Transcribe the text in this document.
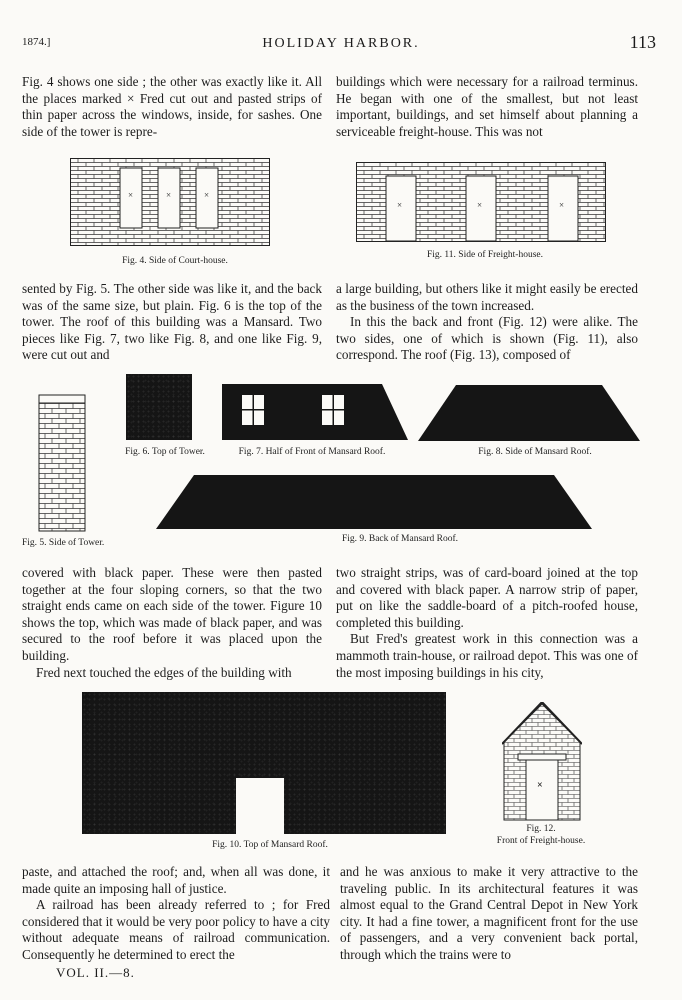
1874.]	HOLIDAY HARBOR.	113

Fig. 4 shows one side ; the other was exactly like it. All the places marked × Fred cut out and pasted strips of thin paper across the windows, inside, for sashes. One side of the tower is repre-

buildings which were necessary for a railroad terminus. He began with one of the smallest, but not least important, buildings, and set himself about planning a serviceable freight-house. This was not

×	×	×
Fig. 4. Side of Court-house.
×	×	×
Fig. 11. Side of Freight-house.

sented by Fig. 5. The other side was like it, and the back was of the same size, but plain. Fig. 6 is the top of the tower. The roof of this building was a Mansard. Two pieces like Fig. 7, two like Fig. 8, and one like Fig. 9, were cut out and

a large building, but others like it might easily be erected as the business of the town increased.

In this the back and front (Fig. 12) were alike. The two sides, one of which is shown (Fig. 11), also correspond. The roof (Fig. 13), composed of

Fig. 5. Side of Tower.
Fig. 6. Top of Tower.	Fig. 7. Half of Front of Mansard Roof.	Fig. 8. Side of Mansard Roof.
Fig. 9. Back of Mansard Roof.

covered with black paper. These were then pasted together at the four sloping corners, so that the two straight ends came on each side of the tower. Figure 10 shows the top, which was made of black paper, and was secured to the roof before it was placed upon the building.

Fred next touched the edges of the building with

two straight strips, was of card-board joined at the top and covered with black paper. A narrow strip of paper, put on like the saddle-board of a pitch-roofed house, completed this building.

But Fred's greatest work in this connection was a mammoth train-house, or railroad depot. This was one of the most imposing buildings in his city,

Fig. 10. Top of Mansard Roof.
×
Fig. 12.
Front of Freight-house.

paste, and attached the roof; and, when all was done, it made quite an imposing hall of justice.

A railroad has been already referred to ; for Fred considered that it would be very poor policy to have a city without adequate means of railroad communication. Consequently he determined to erect the

and he was anxious to make it very attractive to the traveling public. In its architectural features it was almost equal to the Grand Central Depot in New York city. It had a fine tower, a magnificent front for the use of passengers, and a very convenient back portal, through which the trains were to

VOL. II.—8.
